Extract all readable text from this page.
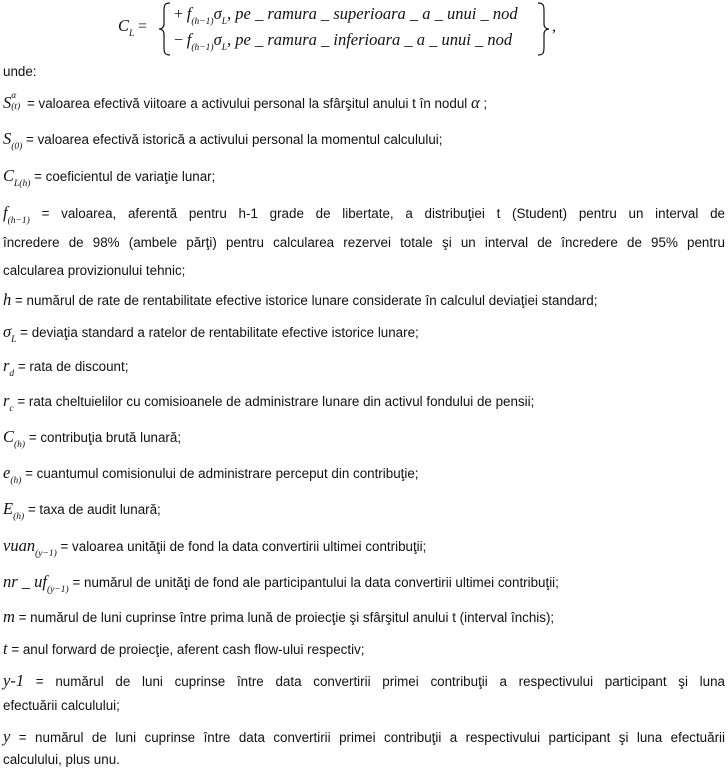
$C_L$ =
+ $f_{(h-1)}\sigma_L$, pe _ ramura _ superioara _ a _ unui _ nod
− $f_{(h-1)}\sigma_L$, pe _ ramura _ inferioara _ a _ unui _ nod
,
unde:
S α
(t) = valoarea efectivă viitoare a activului personal la sfârşitul anului t în nodul α ;
$S_{(0)}$ = valoarea efectivă istorică a activului personal la momentul calculului;
$C_{L(h)}$ = coeficientul de variaţie lunar;
$f_{(h-1)}$ = valoarea, aferentă pentru h-1 grade de libertate, a distribuţiei t (Student) pentru un interval de
încredere de 98% (ambele părţi) pentru calcularea rezervei totale şi un interval de încredere de 95% pentru
calcularea provizionului tehnic;
h = numărul de rate de rentabilitate efective istorice lunare considerate în calculul deviaţiei standard;
$\sigma_L$ = deviaţia standard a ratelor de rentabilitate efective istorice lunare;
$r_d$ = rata de discount;
$r_c$ = rata cheltuielilor cu comisioanele de administrare lunare din activul fondului de pensii;
$C_{(h)}$ = contribuţia brută lunară;
$e_{(h)}$ = cuantumul comisionului de administrare perceput din contribuţie;
$E_{(h)}$ = taxa de audit lunară;
vuan$_{(y-1)}$ = valoarea unităţii de fond la data convertirii ultimei contribuţii;
nr _ $uf_{(y-1)}$ = numărul de unităţi de fond ale participantului la data convertirii ultimei contribuţii;
m = numărul de luni cuprinse între prima lună de proiecţie şi sfârşitul anului t (interval închis);
t = anul forward de proiecţie, aferent cash flow-ului respectiv;
y-1 = numărul de luni cuprinse între data convertirii primei contribuţii a respectivului participant şi luna
efectuării calculului;
y = numărul de luni cuprinse între data convertirii primei contribuţii a respectivului participant şi luna efectuării
calculului, plus unu.
